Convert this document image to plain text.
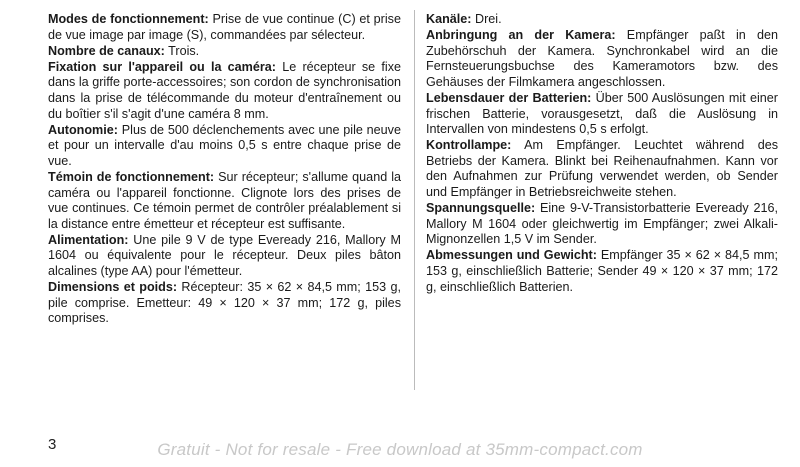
Modes de fonctionnement: Prise de vue continue (C) et prise de vue image par image (S), commandées par sélecteur.

Nombre de canaux: Trois.

Fixation sur l'appareil ou la caméra: Le récepteur se fixe dans la griffe porte-accessoires; son cordon de synchronisation dans la prise de télécommande du moteur d'entraînement ou du boîtier s'il s'agit d'une caméra 8 mm.

Autonomie: Plus de 500 déclenchements avec une pile neuve et pour un intervalle d'au moins 0,5 s entre chaque prise de vue.

Témoin de fonctionnement: Sur récepteur; s'allume quand la caméra ou l'appareil fonctionne. Clignote lors des prises de vue continues. Ce témoin permet de contrôler préalablement si la distance entre émetteur et récepteur est suffisante.

Alimentation: Une pile 9 V de type Eveready 216, Mallory M 1604 ou équivalente pour le récepteur. Deux piles bâton alcalines (type AA) pour l'émetteur.

Dimensions et poids: Récepteur: 35 × 62 × 84,5 mm; 153 g, pile comprise. Emetteur: 49 × 120 × 37 mm; 172 g, piles comprises.

Kanäle: Drei.

Anbringung an der Kamera: Empfänger paßt in den Zubehörschuh der Kamera. Synchronkabel wird an die Fernsteuerungsbuchse des Kameramotors bzw. des Gehäuses der Filmkamera angeschlossen.

Lebensdauer der Batterien: Über 500 Auslösungen mit einer frischen Batterie, vorausgesetzt, daß die Auslösung in Intervallen von mindestens 0,5 s erfolgt.

Kontrollampe: Am Empfänger. Leuchtet während des Betriebs der Kamera. Blinkt bei Reihenaufnahmen. Kann vor den Aufnahmen zur Prüfung verwendet werden, ob Sender und Empfänger in Betriebsreichweite stehen.

Spannungsquelle: Eine 9-V-Transistorbatterie Eveready 216, Mallory M 1604 oder gleichwertig im Empfänger; zwei Alkali-Mignonzellen 1,5 V im Sender.

Abmessungen und Gewicht: Empfänger 35 × 62 × 84,5 mm; 153 g, einschließlich Batterie; Sender 49 × 120 × 37 mm; 172 g, einschließlich Batterien.

3	Gratuit - Not for resale - Free download at 35mm-compact.com
